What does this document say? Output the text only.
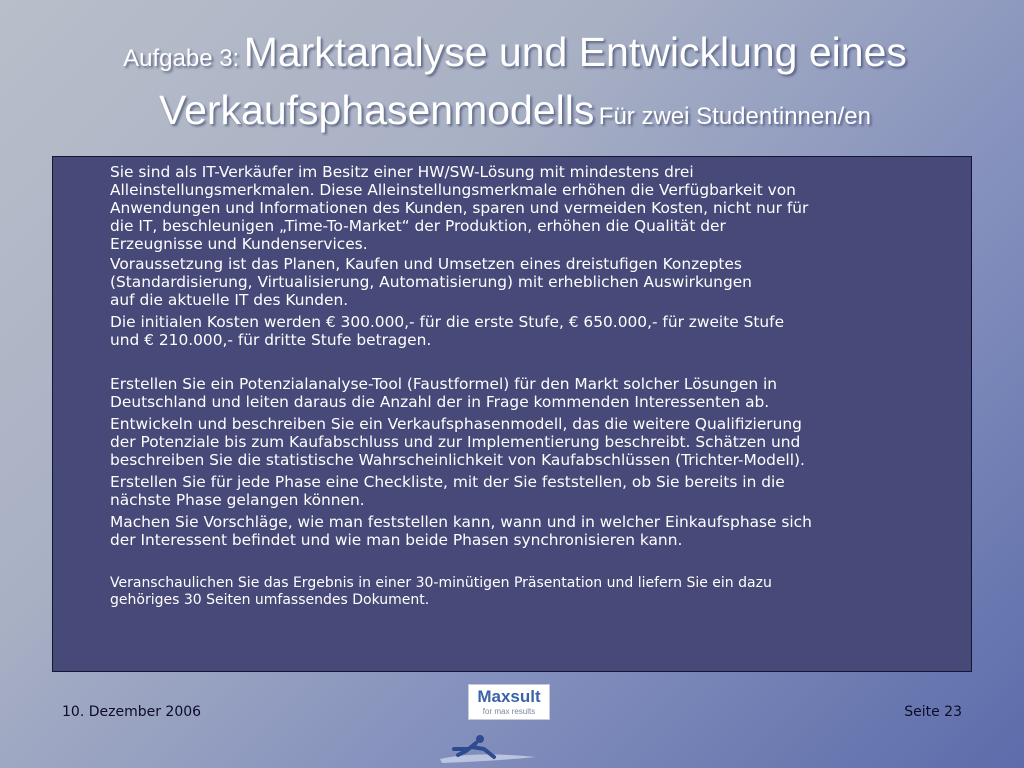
Aufgabe 3: Marktanalyse und Entwicklung eines
Verkaufsphasenmodells Für zwei Studentinnen/en

Sie sind als IT-Verkäufer im Besitz einer HW/SW-Lösung mit mindestens drei
Alleinstellungsmerkmalen. Diese Alleinstellungsmerkmale erhöhen die Verfügbarkeit von
Anwendungen und Informationen des Kunden, sparen und vermeiden Kosten, nicht nur für
die IT, beschleunigen „Time-To-Market“ der Produktion, erhöhen die Qualität der
Erzeugnisse und Kundenservices.

Voraussetzung ist das Planen, Kaufen und Umsetzen eines dreistufigen Konzeptes
(Standardisierung, Virtualisierung, Automatisierung) mit erheblichen Auswirkungen
auf die aktuelle IT des Kunden.

Die initialen Kosten werden € 300.000,- für die erste Stufe, € 650.000,- für zweite Stufe
und € 210.000,- für dritte Stufe betragen.

Erstellen Sie ein Potenzialanalyse-Tool (Faustformel) für den Markt solcher Lösungen in
Deutschland und leiten daraus die Anzahl der in Frage kommenden Interessenten ab.

Entwickeln und beschreiben Sie ein Verkaufsphasenmodell, das die weitere Qualifizierung
der Potenziale bis zum Kaufabschluss und zur Implementierung beschreibt. Schätzen und
beschreiben Sie die statistische Wahrscheinlichkeit von Kaufabschlüssen (Trichter-Modell).

Erstellen Sie für jede Phase eine Checkliste, mit der Sie feststellen, ob Sie bereits in die
nächste Phase gelangen können.

Machen Sie Vorschläge, wie man feststellen kann, wann und in welcher Einkaufsphase sich
der Interessent befindet und wie man beide Phasen synchronisieren kann.

Veranschaulichen Sie das Ergebnis in einer 30-minütigen Präsentation und liefern Sie ein dazu
gehöriges 30 Seiten umfassendes Dokument.

10. Dezember 2006
Maxsult
for max results	Seite 23
